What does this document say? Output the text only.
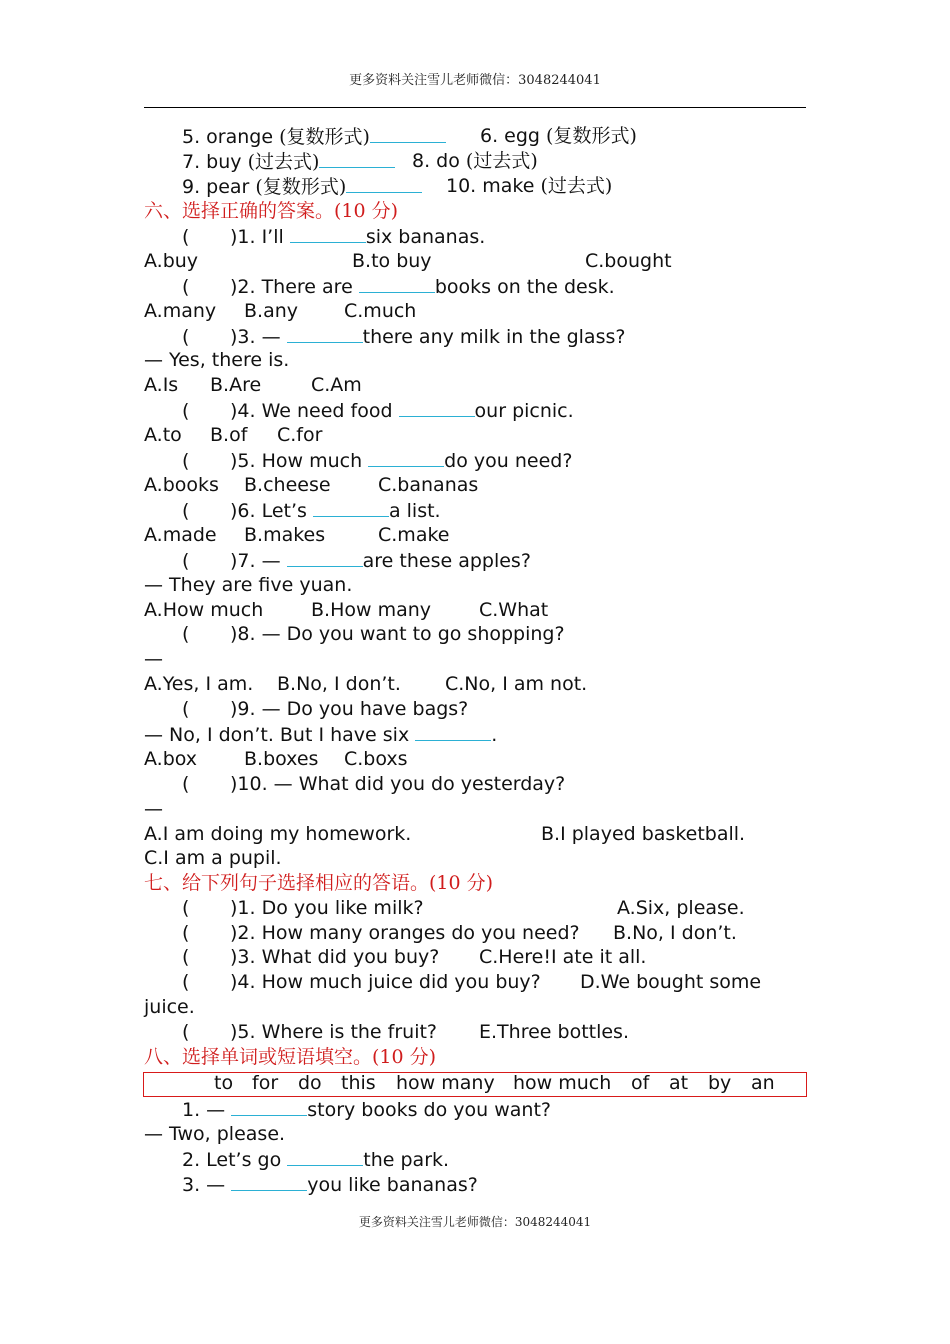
更多资料关注雪儿老师微信：3048244041
5. orange (复数形式)	6. egg (复数形式)
7. buy (过去式)	8. do (过去式)
9. pear (复数形式)	10. make (过去式)
六、选择正确的答案。(10 分)
( )1. I’ll	six bananas.
A.buy	B.to buy	C.bought
( )2. There are	books on the desk.
A.many B.any C.much
( )3. —	there any milk in the glass?
— Yes, there is.
A.Is B.Are	C.Am
( )4. We need food	our picnic.
A.to B.of C.for
( )5. How much	do you need?
A.books B.cheese C.bananas
( )6. Let’s	a list.
A.made B.makes	C.make
( )7. —	are these apples?
— They are five yuan.
A.How much	B.How many	C.What
( )8. — Do you want to go shopping?
—
A.Yes, I am. B.No, I don’t. C.No, I am not.
( )9. — Do you have bags?
— No, I don’t. But I have six	.
A.box B.boxes C.boxs
( )10. — What did you do yesterday?
—
A.I am doing my homework.	B.I played basketball.
C.I am a pupil.
七、给下列句子选择相应的答语。(10 分)
( )1. Do you like milk?	A.Six, please.
( )2. How many oranges do you need? B.No, I don’t.
( )3. What did you buy? C.Here!I ate it all.
( )4. How much juice did you buy? D.We bought some
juice.
( )5. Where is the fruit? E.Three bottles.
八、选择单词或短语填空。(10 分)
to for do this how many how much of at by an
1. —	story books do you want?
— Two, please.
2. Let’s go	the park.
3. —	you like bananas?
更多资料关注雪儿老师微信：3048244041
